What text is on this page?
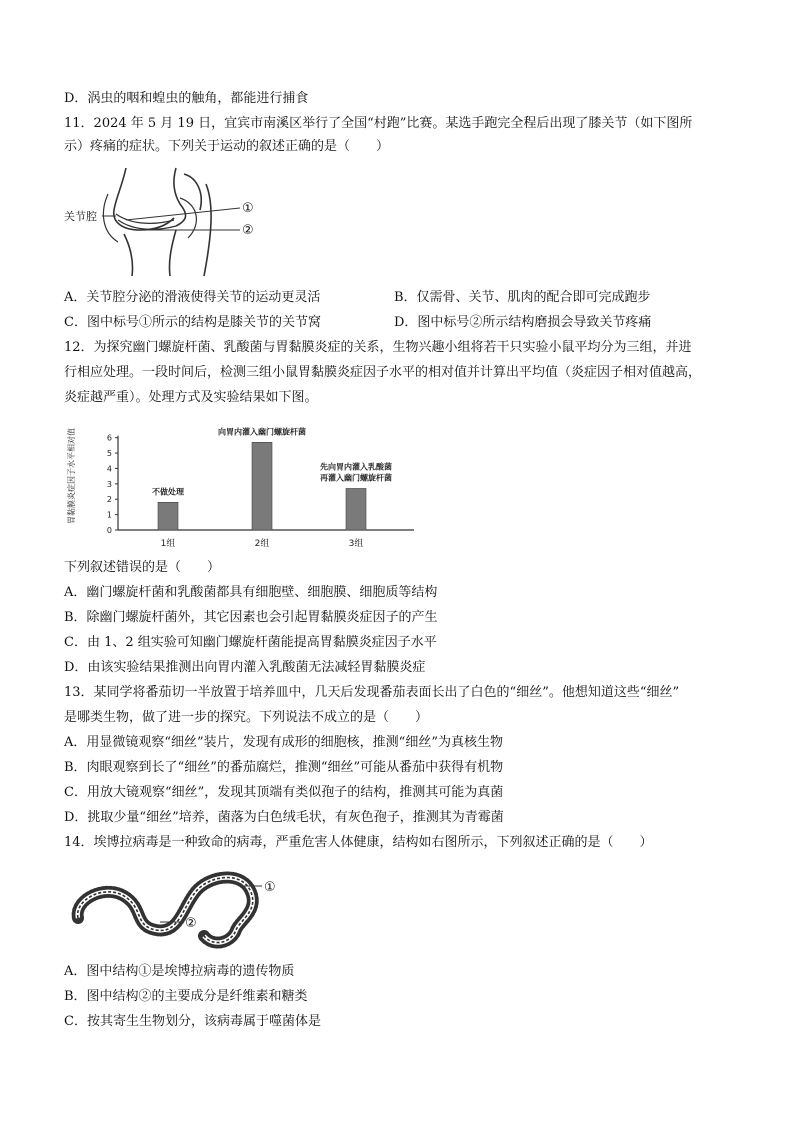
D．涡虫的咽和蝗虫的触角，都能进行捕食
11．2024 年 5 月 19 日，宜宾市南溪区举行了全国“村跑”比赛。某选手跑完全程后出现了膝关节（如下图所
示）疼痛的症状。下列关于运动的叙述正确的是（　　）
关节腔
①
②
A．关节腔分泌的滑液使得关节的运动更灵活	B．仅需骨、关节、肌肉的配合即可完成跑步
C．图中标号①所示的结构是膝关节的关节窝	D．图中标号②所示结构磨损会导致关节疼痛
12．为探究幽门螺旋杆菌、乳酸菌与胃黏膜炎症的关系，生物兴趣小组将若干只实验小鼠平均分为三组，并进
行相应处理。一段时间后，检测三组小鼠胃黏膜炎症因子水平的相对值并计算出平均值（炎症因子相对值越高，
炎症越严重）。处理方式及实验结果如下图。
胃黏膜炎症因子水平相对值
0
1
2
3
4
5
6
1组
不做处理
2组
向胃内灌入幽门螺旋杆菌
3组
先向胃内灌入乳酸菌
再灌入幽门螺旋杆菌
下列叙述错误的是（　　）
A．幽门螺旋杆菌和乳酸菌都具有细胞壁、细胞膜、细胞质等结构
B．除幽门螺旋杆菌外，其它因素也会引起胃黏膜炎症因子的产生
C．由 1、2 组实验可知幽门螺旋杆菌能提高胃黏膜炎症因子水平
D．由该实验结果推测出向胃内灌入乳酸菌无法减轻胃黏膜炎症
13．某同学将番茄切一半放置于培养皿中，几天后发现番茄表面长出了白色的“细丝”。他想知道这些“细丝”
是哪类生物，做了进一步的探究。下列说法不成立的是（　　）
A．用显微镜观察“细丝”装片，发现有成形的细胞核，推测“细丝”为真核生物
B．肉眼观察到长了“细丝”的番茄腐烂，推测“细丝”可能从番茄中获得有机物
C．用放大镜观察“细丝”，发现其顶端有类似孢子的结构，推测其可能为真菌
D．挑取少量“细丝”培养，菌落为白色绒毛状，有灰色孢子，推测其为青霉菌
14．埃博拉病毒是一种致命的病毒，严重危害人体健康，结构如右图所示，下列叙述正确的是（　　）
①
②
A．图中结构①是埃博拉病毒的遗传物质
B．图中结构②的主要成分是纤维素和糖类
C．按其寄生生物划分，该病毒属于噬菌体是
